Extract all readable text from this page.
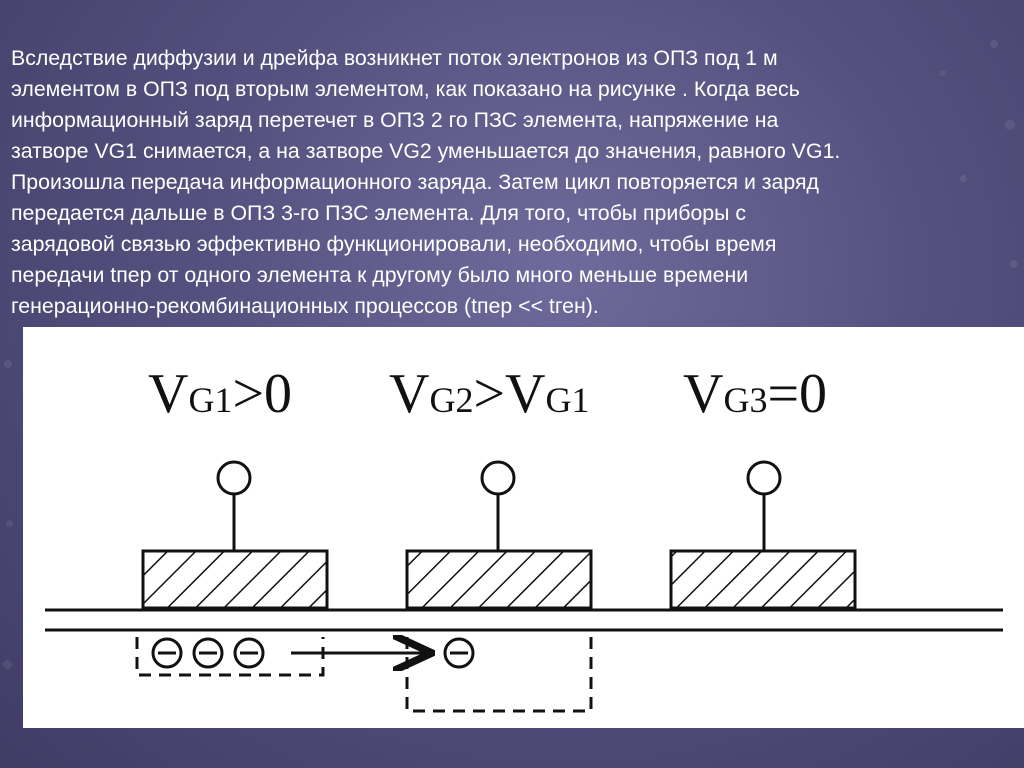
Вследствие диффузии и дрейфа возникнет поток электронов из ОПЗ под 1 м
элементом в ОПЗ под вторым элементом, как показано на рисунке . Когда весь
информационный заряд перетечет в ОПЗ 2 го ПЗС элемента, напряжение на
затворе VG1 снимается, а на затворе VG2 уменьшается до значения, равного VG1.
Произошла передача информационного заряда. Затем цикл повторяется и заряд
передается дальше в ОПЗ 3-го ПЗС элемента. Для того, чтобы приборы с
зарядовой связью эффективно функционировали, необходимо, чтобы время
передачи tпер от одного элемента к другому было много меньше времени
генерационно-рекомбинационных процессов (tпер << tген).
VG1>0 VG2>VG1 VG3=0
